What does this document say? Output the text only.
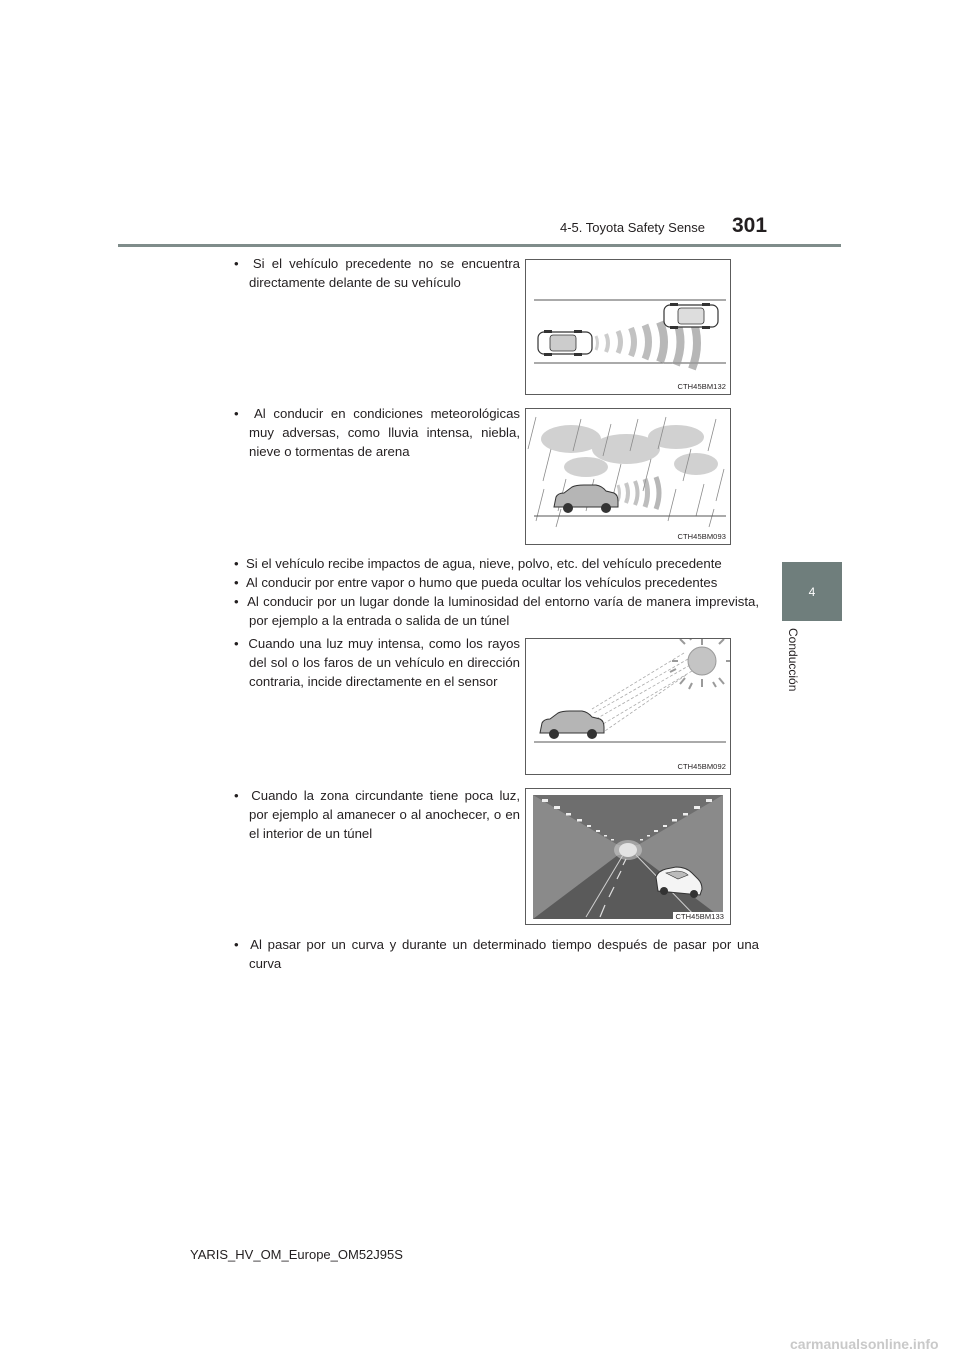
4-5. Toyota Safety Sense 301
4
Conducción
• Si el vehículo precedente no se encuentra directamente delante de su vehículo
CTH45BM132
• Al conducir en condiciones meteorológicas muy adversas, como lluvia intensa, niebla, nieve o tormentas de arena
CTH45BM093
• Si el vehículo recibe impactos de agua, nieve, polvo, etc. del vehículo precedente
• Al conducir por entre vapor o humo que pueda ocultar los vehículos precedentes
• Al conducir por un lugar donde la luminosidad del entorno varía de manera imprevista, por ejemplo a la entrada o salida de un túnel
• Cuando una luz muy intensa, como los rayos del sol o los faros de un vehículo en dirección contraria, incide directamente en el sensor
CTH45BM092
• Cuando la zona circundante tiene poca luz, por ejemplo al amanecer o al anochecer, o en el interior de un túnel
CTH45BM133
• Al pasar por un curva y durante un determinado tiempo después de pasar por una curva
YARIS_HV_OM_Europe_OM52J95S
carmanualsonline.info
